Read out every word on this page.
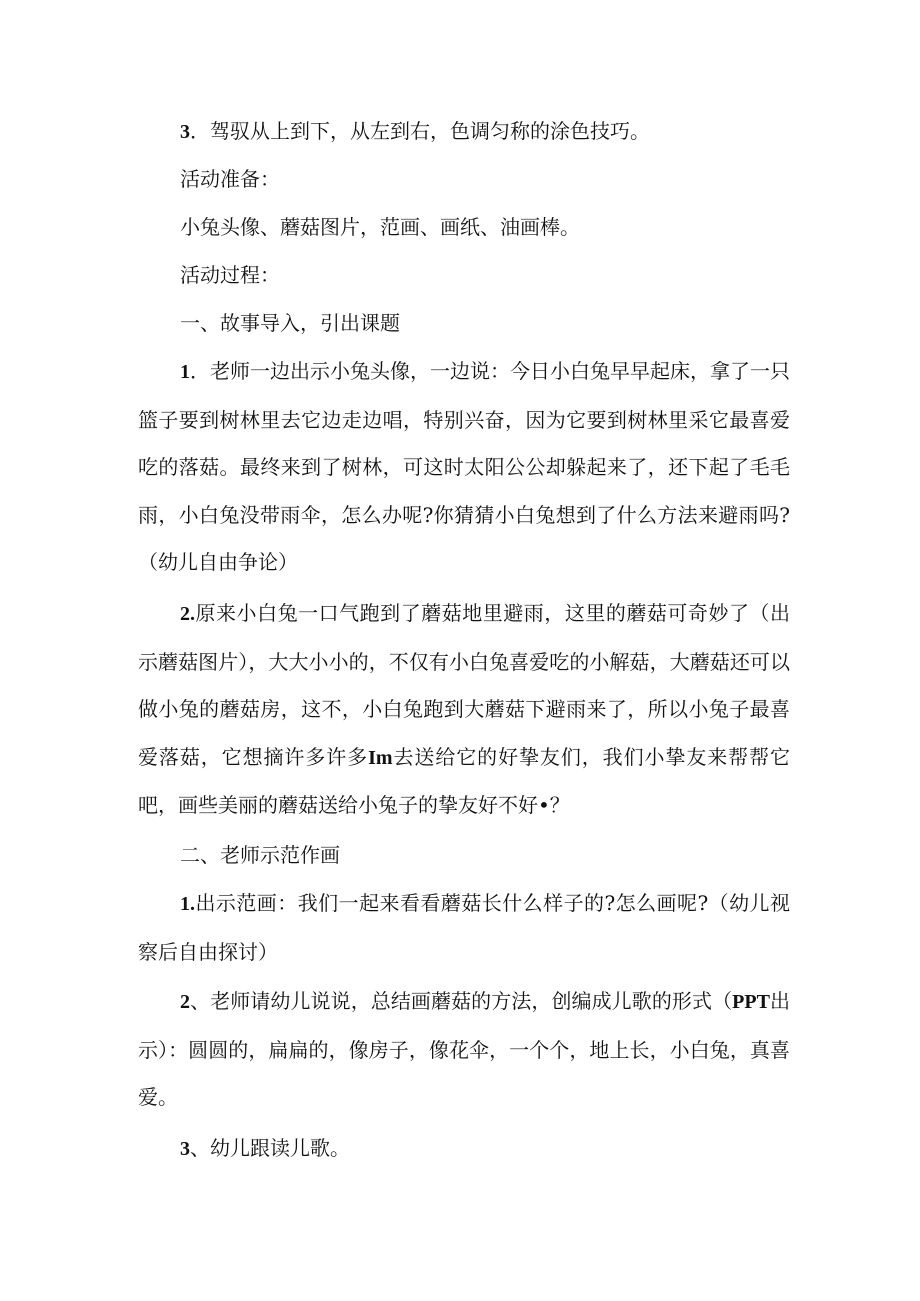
3．驾驭从上到下，从左到右，色调匀称的涂色技巧。

活动准备：

小兔头像、蘑菇图片，范画、画纸、油画棒。

活动过程：

一、故事导入，引出课题

1．老师一边出示小兔头像，一边说：今日小白兔早早起床，拿了一只篮子要到树林里去它边走边唱，特别兴奋，因为它要到树林里采它最喜爱吃的落菇。最终来到了树林，可这时太阳公公却躲起来了，还下起了毛毛雨，小白兔没带雨伞，怎么办呢?你猜猜小白兔想到了什么方法来避雨吗?（幼儿自由争论）

2.原来小白兔一口气跑到了蘑菇地里避雨，这里的蘑菇可奇妙了（出示蘑菇图片），大大小小的，不仅有小白兔喜爱吃的小解菇，大蘑菇还可以做小兔的蘑菇房，这不，小白兔跑到大蘑菇下避雨来了，所以小兔子最喜爱落菇，它想摘许多许多Im去送给它的好挚友们，我们小挚友来帮帮它吧，画些美丽的蘑菇送给小兔子的挚友好不好•？

二、老师示范作画

1.出示范画：我们一起来看看蘑菇长什么样子的?怎么画呢?（幼儿视察后自由探讨）

2、老师请幼儿说说，总结画蘑菇的方法，创编成儿歌的形式（PPT出示）：圆圆的，扁扁的，像房子，像花伞，一个个，地上长，小白兔，真喜爱。

3、幼儿跟读儿歌。
